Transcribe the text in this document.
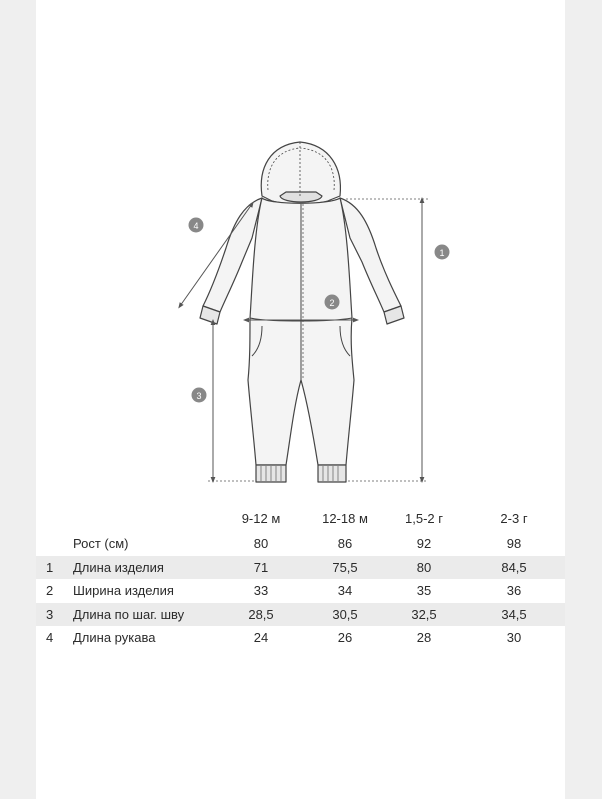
1
2
3
4
9-12 м	12-18 м	1,5-2 г	2-3 г
Рост (см)	80	86	92	98
1 Длина изделия	71	75,5	80	84,5
2 Ширина изделия	33	34	35	36
3 Длина по шаг. шву	28,5	30,5	32,5	34,5
4 Длина рукава	24	26	28	30
